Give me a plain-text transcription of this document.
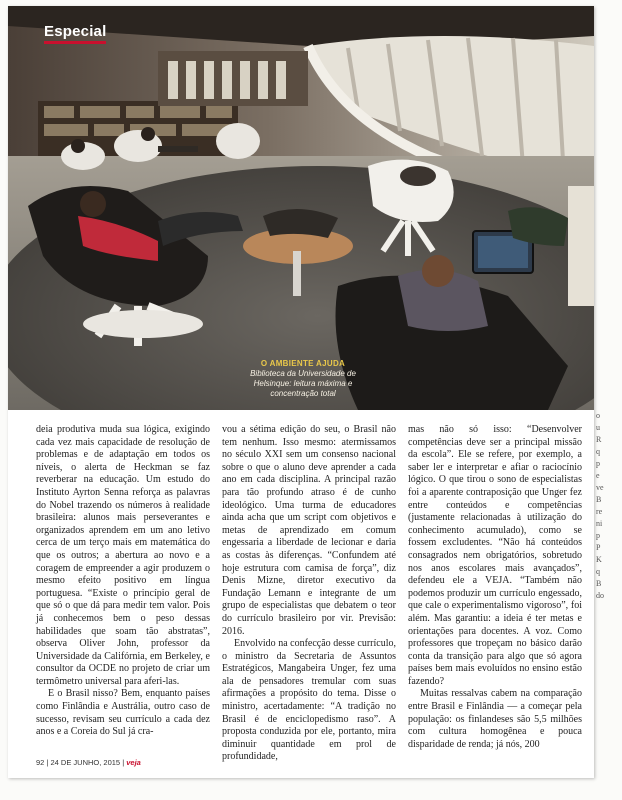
Especial
O AMBIENTE AJUDA
Biblioteca da Universidade de Helsinque: leitura máxima e concentração total

deia produtiva muda sua lógica, exigindo cada vez mais capacidade de resolução de problemas e de adaptação em todos os níveis, o alerta de Heckman se faz reverberar na educação. Um estudo do Instituto Ayrton Senna reforça as palavras do Nobel trazendo os números à realidade brasileira: alunos mais perseverantes e organizados aprendem em um ano letivo cerca de um terço mais em matemática do que os outros; a abertura ao novo e a coragem de empreender a agir produzem o mesmo efeito positivo em língua portuguesa. “Existe o princípio geral de que só o que dá para medir tem valor. Pois já conhecemos bem o peso dessas habilidades que soam tão abstratas”, observa Oliver John, professor da Universidade da Califórnia, em Berkeley, e consultor da OCDE no projeto de criar um termômetro universal para aferi-las.

E o Brasil nisso? Bem, enquanto países como Finlândia e Austrália, outro caso de sucesso, revisam seu currículo a cada dez anos e a Coreia do Sul já cra-

vou a sétima edição do seu, o Brasil não tem nenhum. Isso mesmo: atermissamos no século XXI sem um consenso nacional sobre o que o aluno deve aprender a cada ano em cada disciplina. A principal razão para tão profundo atraso é de cunho ideológico. Uma turma de educadores ainda acha que um script com objetivos e metas de aprendizado em comum engessaria a liberdade de lecionar e daria as costas às diferenças. “Confundem até hoje estrutura com camisa de força”, diz Denis Mizne, diretor executivo da Fundação Lemann e integrante de um grupo de especialistas que debatem o teor do currículo brasileiro por vir. Previsão: 2016.

Envolvido na confecção desse currículo, o ministro da Secretaria de Assuntos Estratégicos, Mangabeira Unger, fez uma ala de pensadores tremular com suas afirmações a propósito do tema. Disse o ministro, acertadamente: “A tradição no Brasil é de enciclopedismo raso”. A proposta conduzida por ele, portanto, mira diminuir quantidade em prol de profundidade,

mas não só isso: “Desenvolver competências deve ser a principal missão da escola”. Ele se refere, por exemplo, a saber ler e interpretar e afiar o raciocínio lógico. O que tirou o sono de especialistas foi a aparente contraposição que Unger fez entre conteúdos e competências (justamente relacionadas à utilização do conhecimento acumulado), como se fossem excludentes. “Não há conteúdos consagrados nem obrigatórios, sobretudo nos anos escolares mais avançados”, defendeu ele a VEJA. “Também não podemos produzir um currículo engessado, que cale o experimentalismo vigoroso”, foi além. Mas garantiu: a ideia é ter metas e orientações para docentes. A voz. Como professores que tropeçam no básico darão conta da transição para algo que só agora países bem mais evoluídos no ensino estão fazendo?

Muitas ressalvas cabem na comparação entre Brasil e Finlândia — a começar pela população: os finlandeses são 5,5 milhões com cultura homogênea e pouca disparidade de renda; já nós, 200

92 | 24 DE JUNHO, 2015 | veja
o
u
R
q
p
e
ve
B
re
ni
p
P
K
q
B
do
